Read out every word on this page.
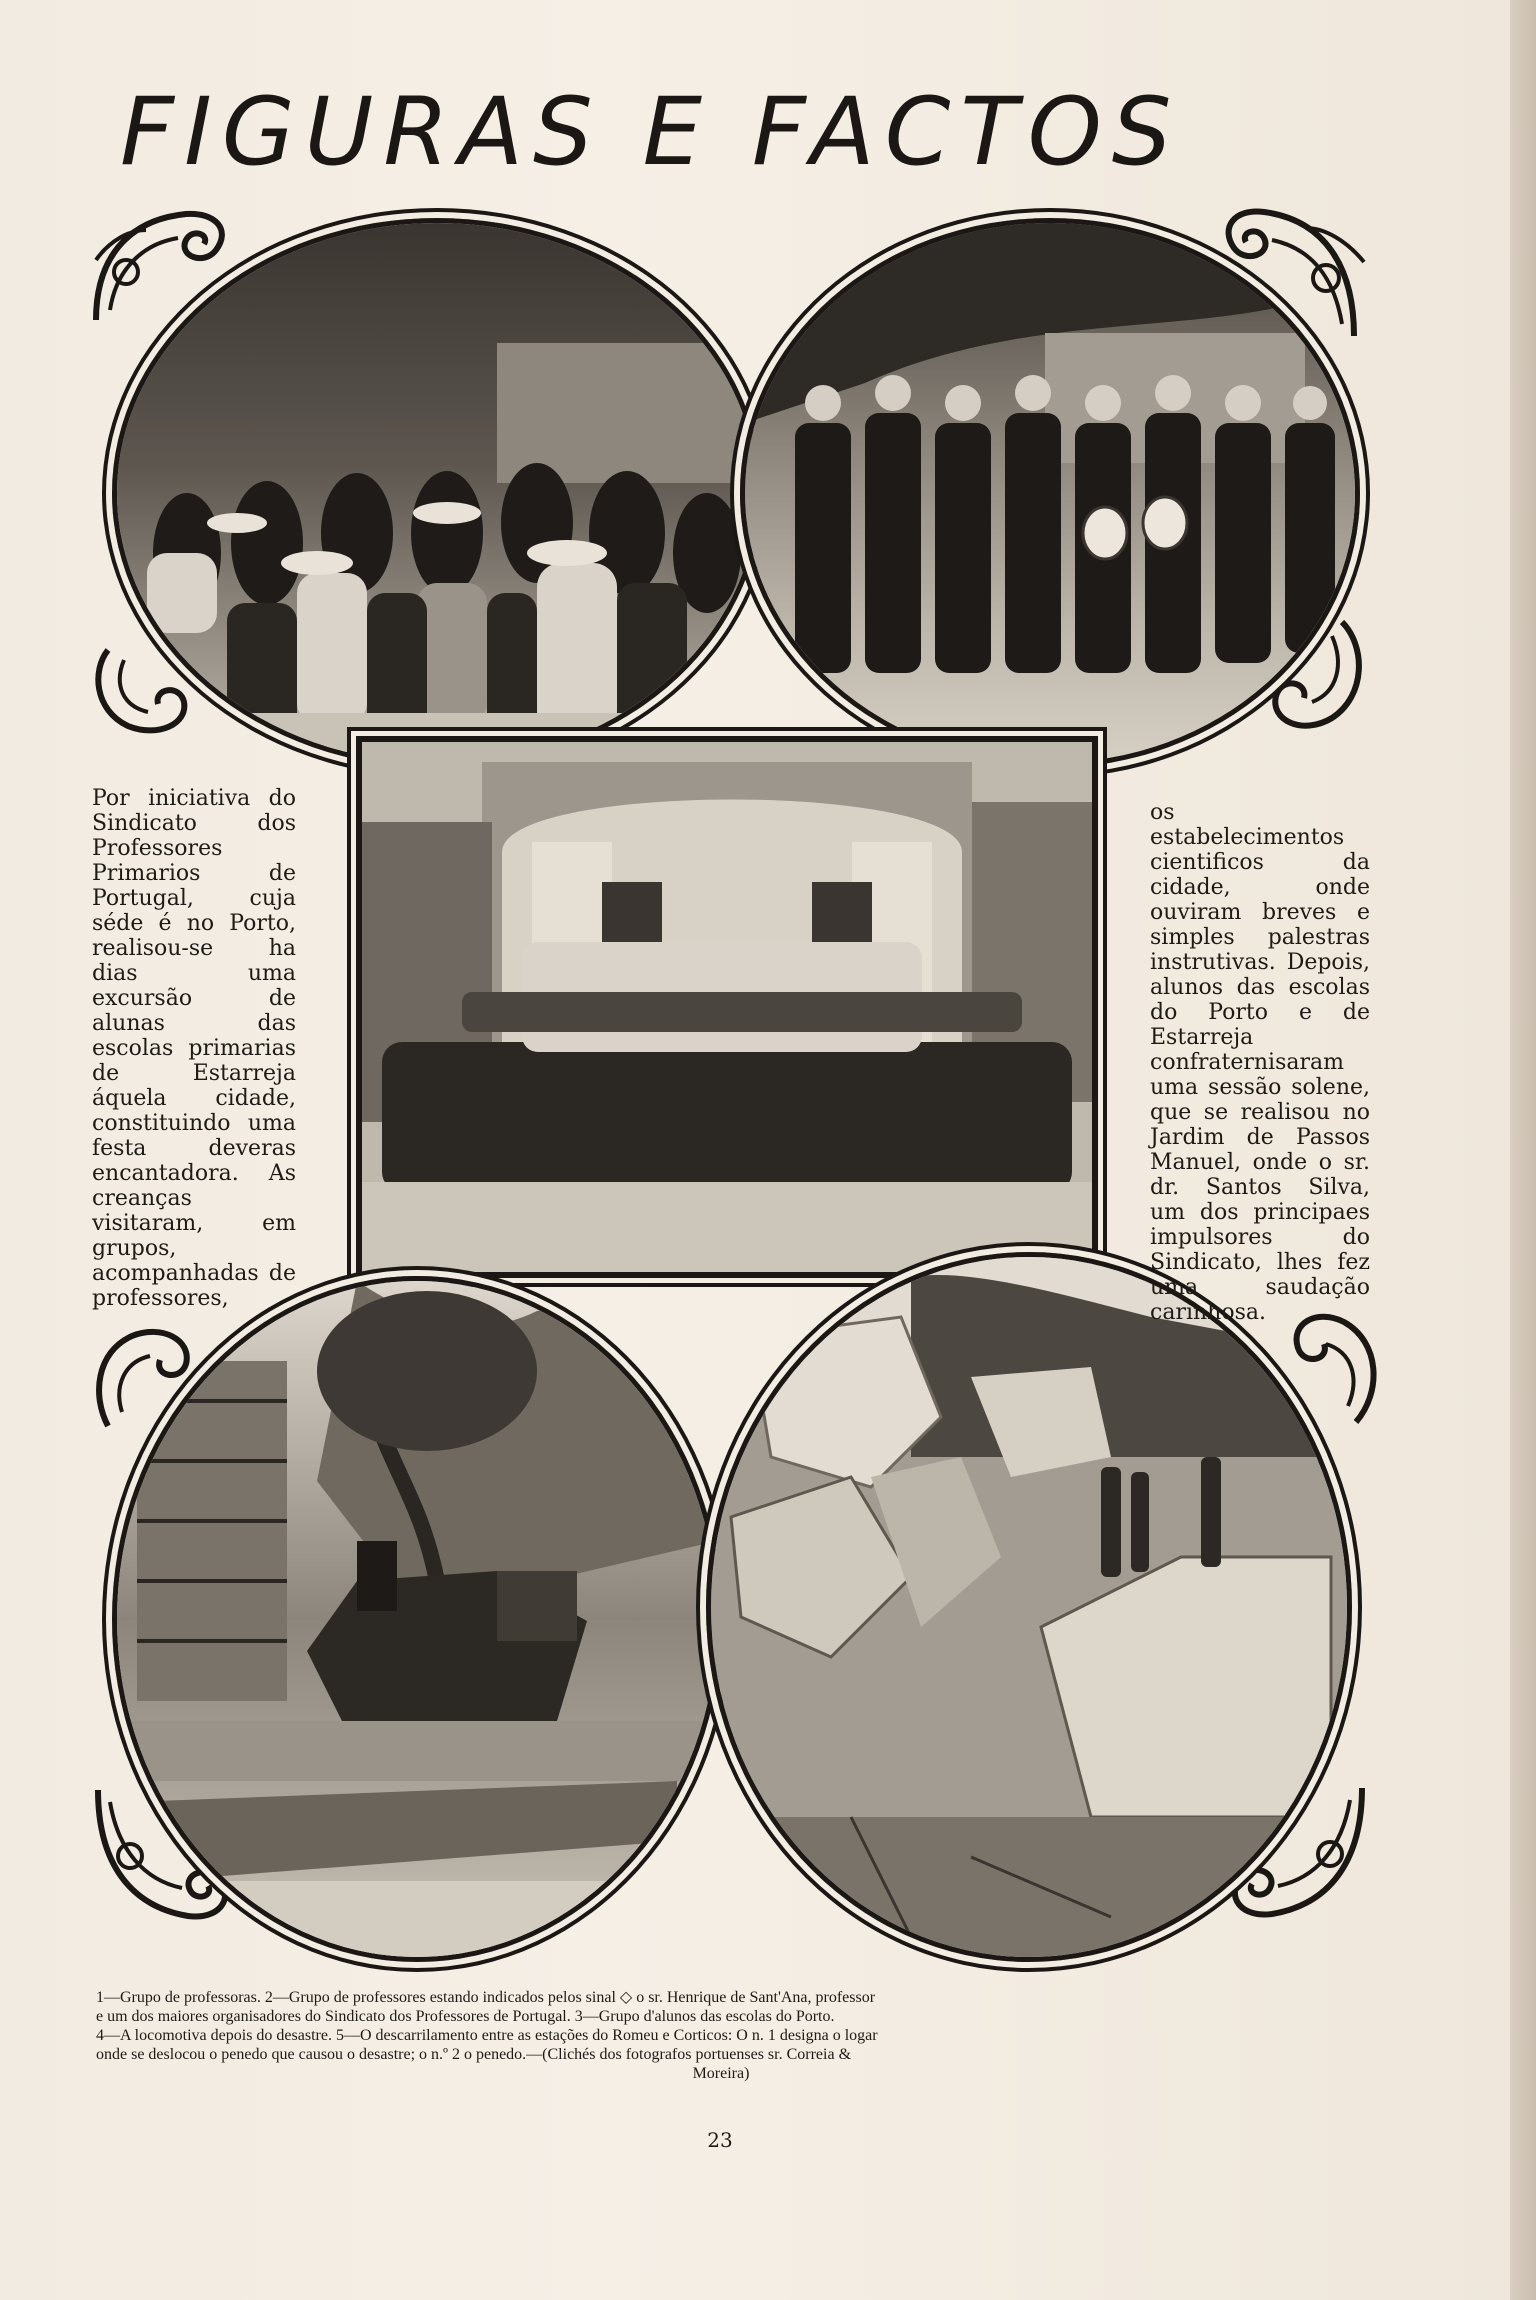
FIGURAS E FACTOS
Por iniciativa do Sindicato dos Professores Primarios de Portugal, cuja séde é no Porto, realisou-se ha dias uma excursão de alunas das escolas primarias de Estarreja áquela cidade, constituindo uma festa deveras encantadora. As creanças visitaram, em grupos, acompanhadas de professores,
os estabelecimentos cientificos da cidade, onde ouviram breves e simples palestras instrutivas. Depois, alunos das escolas do Porto e de Estarreja confraternisaram uma sessão solene, que se realisou no Jardim de Passos Manuel, onde o sr. dr. Santos Silva, um dos principaes impulsores do Sindicato, lhes fez uma saudação carinhosa.

1—Grupo de professoras. 2—Grupo de professores estando indicados pelos sinal ◇ o sr. Henrique de Sant'Ana, professor

e um dos maiores organisadores do Sindicato dos Professores de Portugal. 3—Grupo d'alunos das escolas do Porto.

4—A locomotiva depois do desastre. 5—O descarrilamento entre as estações do Romeu e Corticos: O n. 1 designa o logar

onde se deslocou o penedo que causou o desastre; o n.º 2 o penedo.—(Clichés dos fotografos portuenses sr. Correia &

Moreira)

23
